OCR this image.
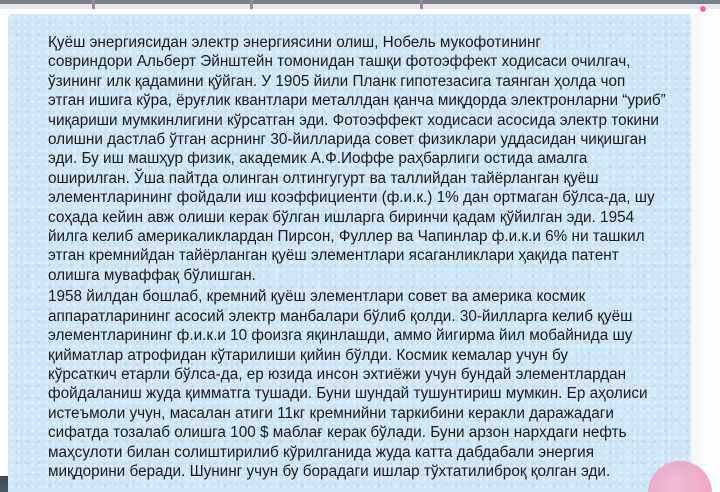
Қуёш энергиясидан электр энергиясини олиш, Нобель мукофотининг
совриндори Альберт Эйнштейн томонидан ташқи фотоэффект ходисаси очилгач,
ўзининг илк қадамини қўйган. У 1905 йили Планк гипотезасига таянган ҳолда чоп
этган ишига кўра, ёруғлик квантлари металлдан қанча миқдорда электронларни “уриб”
чиқариши мумкинлигини кўрсатган эди. Фотоэффект ходисаси асосида электр токини
олишни дастлаб ўтган асрнинг 30-йилларида совет физиклари уддасидан чиқишган
эди. Бу иш машҳур физик, академик А.Ф.Иоффе раҳбарлиги остида амалга
оширилган. Ўша пайтда олинган олтингугурт ва таллийдан тайёрланган қуёш
элементларининг фойдали иш коэффициенти (ф.и.к.) 1% дан ортмаган бўлса-да, шу
соҳада кейин авж олиши керак бўлган ишларга биринчи қадам қўйилган эди. 1954
йилга келиб америкаликлардан Пирсон, Фуллер ва Чапинлар ф.и.к.и 6% ни ташкил
этган кремнийдан тайёрланган қуёш элементлари ясаганликлари ҳақида патент
олишга муваффақ бўлишган.

1958 йилдан бошлаб, кремний қуёш элементлари совет ва америка космик
аппаратларининг асосий электр манбалари бўлиб қолди. 30-йилларга келиб қуёш
элементларининг ф.и.к.и 10 фоизга яқинлашди, аммо йигирма йил мобайнида шу
қийматлар атрофидан кўтарилиши қийин бўлди. Космик кемалар учун бу
кўрсаткич етарли бўлса-да, ер юзида инсон эхтиёжи учун бундай элементлардан
фойдаланиш жуда қимматга тушади. Буни шундай тушунтириш мумкин. Ер аҳолиси
истеъмоли учун, масалан атиги 11кг кремнийни таркибини керакли даражадаги
сифатда тозалаб олишга 100 $ маблағ керак бўлади. Буни арзон нархдаги нефть
маҳсулоти билан солиштирилиб кўрилганида жуда катта дабдабали энергия
миқдорини беради. Шунинг учун бу борадаги ишлар тўхтатилиброқ қолган эди.
